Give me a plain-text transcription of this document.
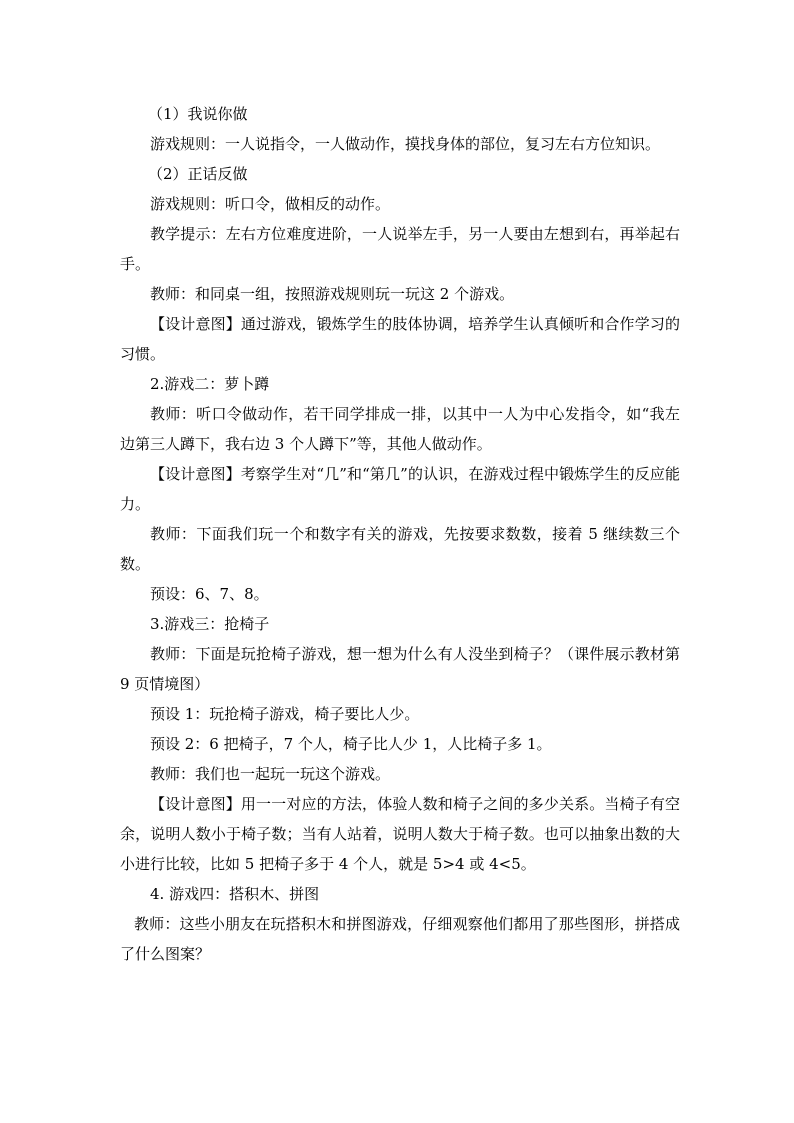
（1）我说你做

游戏规则：一人说指令，一人做动作，摸找身体的部位，复习左右方位知识。

（2）正话反做

游戏规则：听口令，做相反的动作。

教学提示：左右方位难度进阶，一人说举左手，另一人要由左想到右，再举起右手。

教师：和同桌一组，按照游戏规则玩一玩这 2 个游戏。

【设计意图】通过游戏，锻炼学生的肢体协调，培养学生认真倾听和合作学习的习惯。

2.游戏二：萝卜蹲

教师：听口令做动作，若干同学排成一排，以其中一人为中心发指令，如“我左边第三人蹲下，我右边 3 个人蹲下”等，其他人做动作。

【设计意图】考察学生对“几”和“第几”的认识，在游戏过程中锻炼学生的反应能力。

教师：下面我们玩一个和数字有关的游戏，先按要求数数，接着 5 继续数三个数。

预设：6、7、8。

3.游戏三：抢椅子

教师：下面是玩抢椅子游戏，想一想为什么有人没坐到椅子？（课件展示教材第 9 页情境图）

预设 1：玩抢椅子游戏，椅子要比人少。

预设 2：6 把椅子，7 个人，椅子比人少 1，人比椅子多 1。

教师：我们也一起玩一玩这个游戏。

【设计意图】用一一对应的方法，体验人数和椅子之间的多少关系。当椅子有空余，说明人数小于椅子数；当有人站着，说明人数大于椅子数。也可以抽象出数的大小进行比较，比如 5 把椅子多于 4 个人，就是 5>4 或 4<5。

4. 游戏四：搭积木、拼图

教师：这些小朋友在玩搭积木和拼图游戏，仔细观察他们都用了那些图形，拼搭成了什么图案？
